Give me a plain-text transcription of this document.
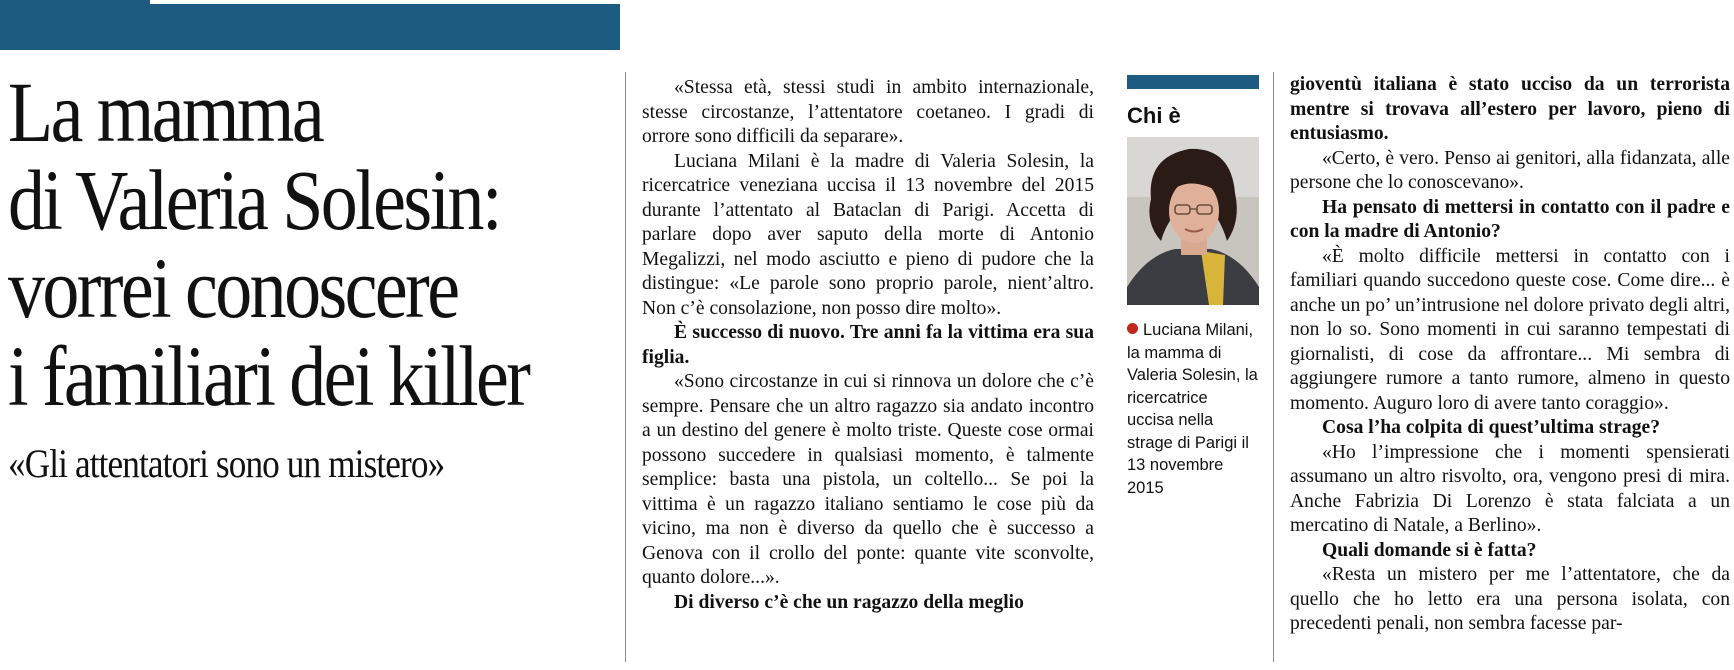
La mamma
di Valeria Solesin:
vorrei conoscere
i familiari dei killer
«Gli attentatori sono un mistero»

«Stessa età, stessi studi in ambito internazionale, stesse circostanze, l’attentatore coetaneo. I gradi di orrore sono difficili da separare».

Luciana Milani è la madre di Valeria Solesin, la ricercatrice veneziana uccisa il 13 novembre del 2015 durante l’attentato al Bataclan di Parigi. Accetta di parlare dopo aver saputo della morte di Antonio Megalizzi, nel modo asciutto e pieno di pudore che la distingue: «Le parole sono proprio parole, nient’altro. Non c’è consolazione, non posso dire molto».

È successo di nuovo. Tre anni fa la vittima era sua figlia.

«Sono circostanze in cui si rinnova un dolore che c’è sempre. Pensare che un altro ragazzo sia andato incontro a un destino del genere è molto triste. Queste cose ormai possono succedere in qualsiasi momento, è talmente semplice: basta una pistola, un coltello... Se poi la vittima è un ragazzo italiano sentiamo le cose più da vicino, ma non è diverso da quello che è successo a Genova con il crollo del ponte: quante vite sconvolte, quanto dolore...».

Di diverso c’è che un ragazzo della meglio

Chi è
Luciana Milani, la mamma di Valeria Solesin, la ricercatrice uccisa nella strage di Parigi il 13 novembre 2015

gioventù italiana è stato ucciso da un terrorista mentre si trovava all’estero per lavoro, pieno di entusiasmo.

«Certo, è vero. Penso ai genitori, alla fidanzata, alle persone che lo conoscevano».

Ha pensato di mettersi in contatto con il padre e con la madre di Antonio?

«È molto difficile mettersi in contatto con i familiari quando succedono queste cose. Come dire... è anche un po’ un’intrusione nel dolore privato degli altri, non lo so. Sono momenti in cui saranno tempestati di giornalisti, di cose da affrontare... Mi sembra di aggiungere rumore a tanto rumore, almeno in questo momento. Auguro loro di avere tanto coraggio».

Cosa l’ha colpita di quest’ultima strage?

«Ho l’impressione che i momenti spensierati assumano un altro risvolto, ora, vengono presi di mira. Anche Fabrizia Di Lorenzo è stata falciata a un mercatino di Natale, a Berlino».

Quali domande si è fatta?

«Resta un mistero per me l’attentatore, che da quello che ho letto era una persona isolata, con precedenti penali, non sembra facesse par-
